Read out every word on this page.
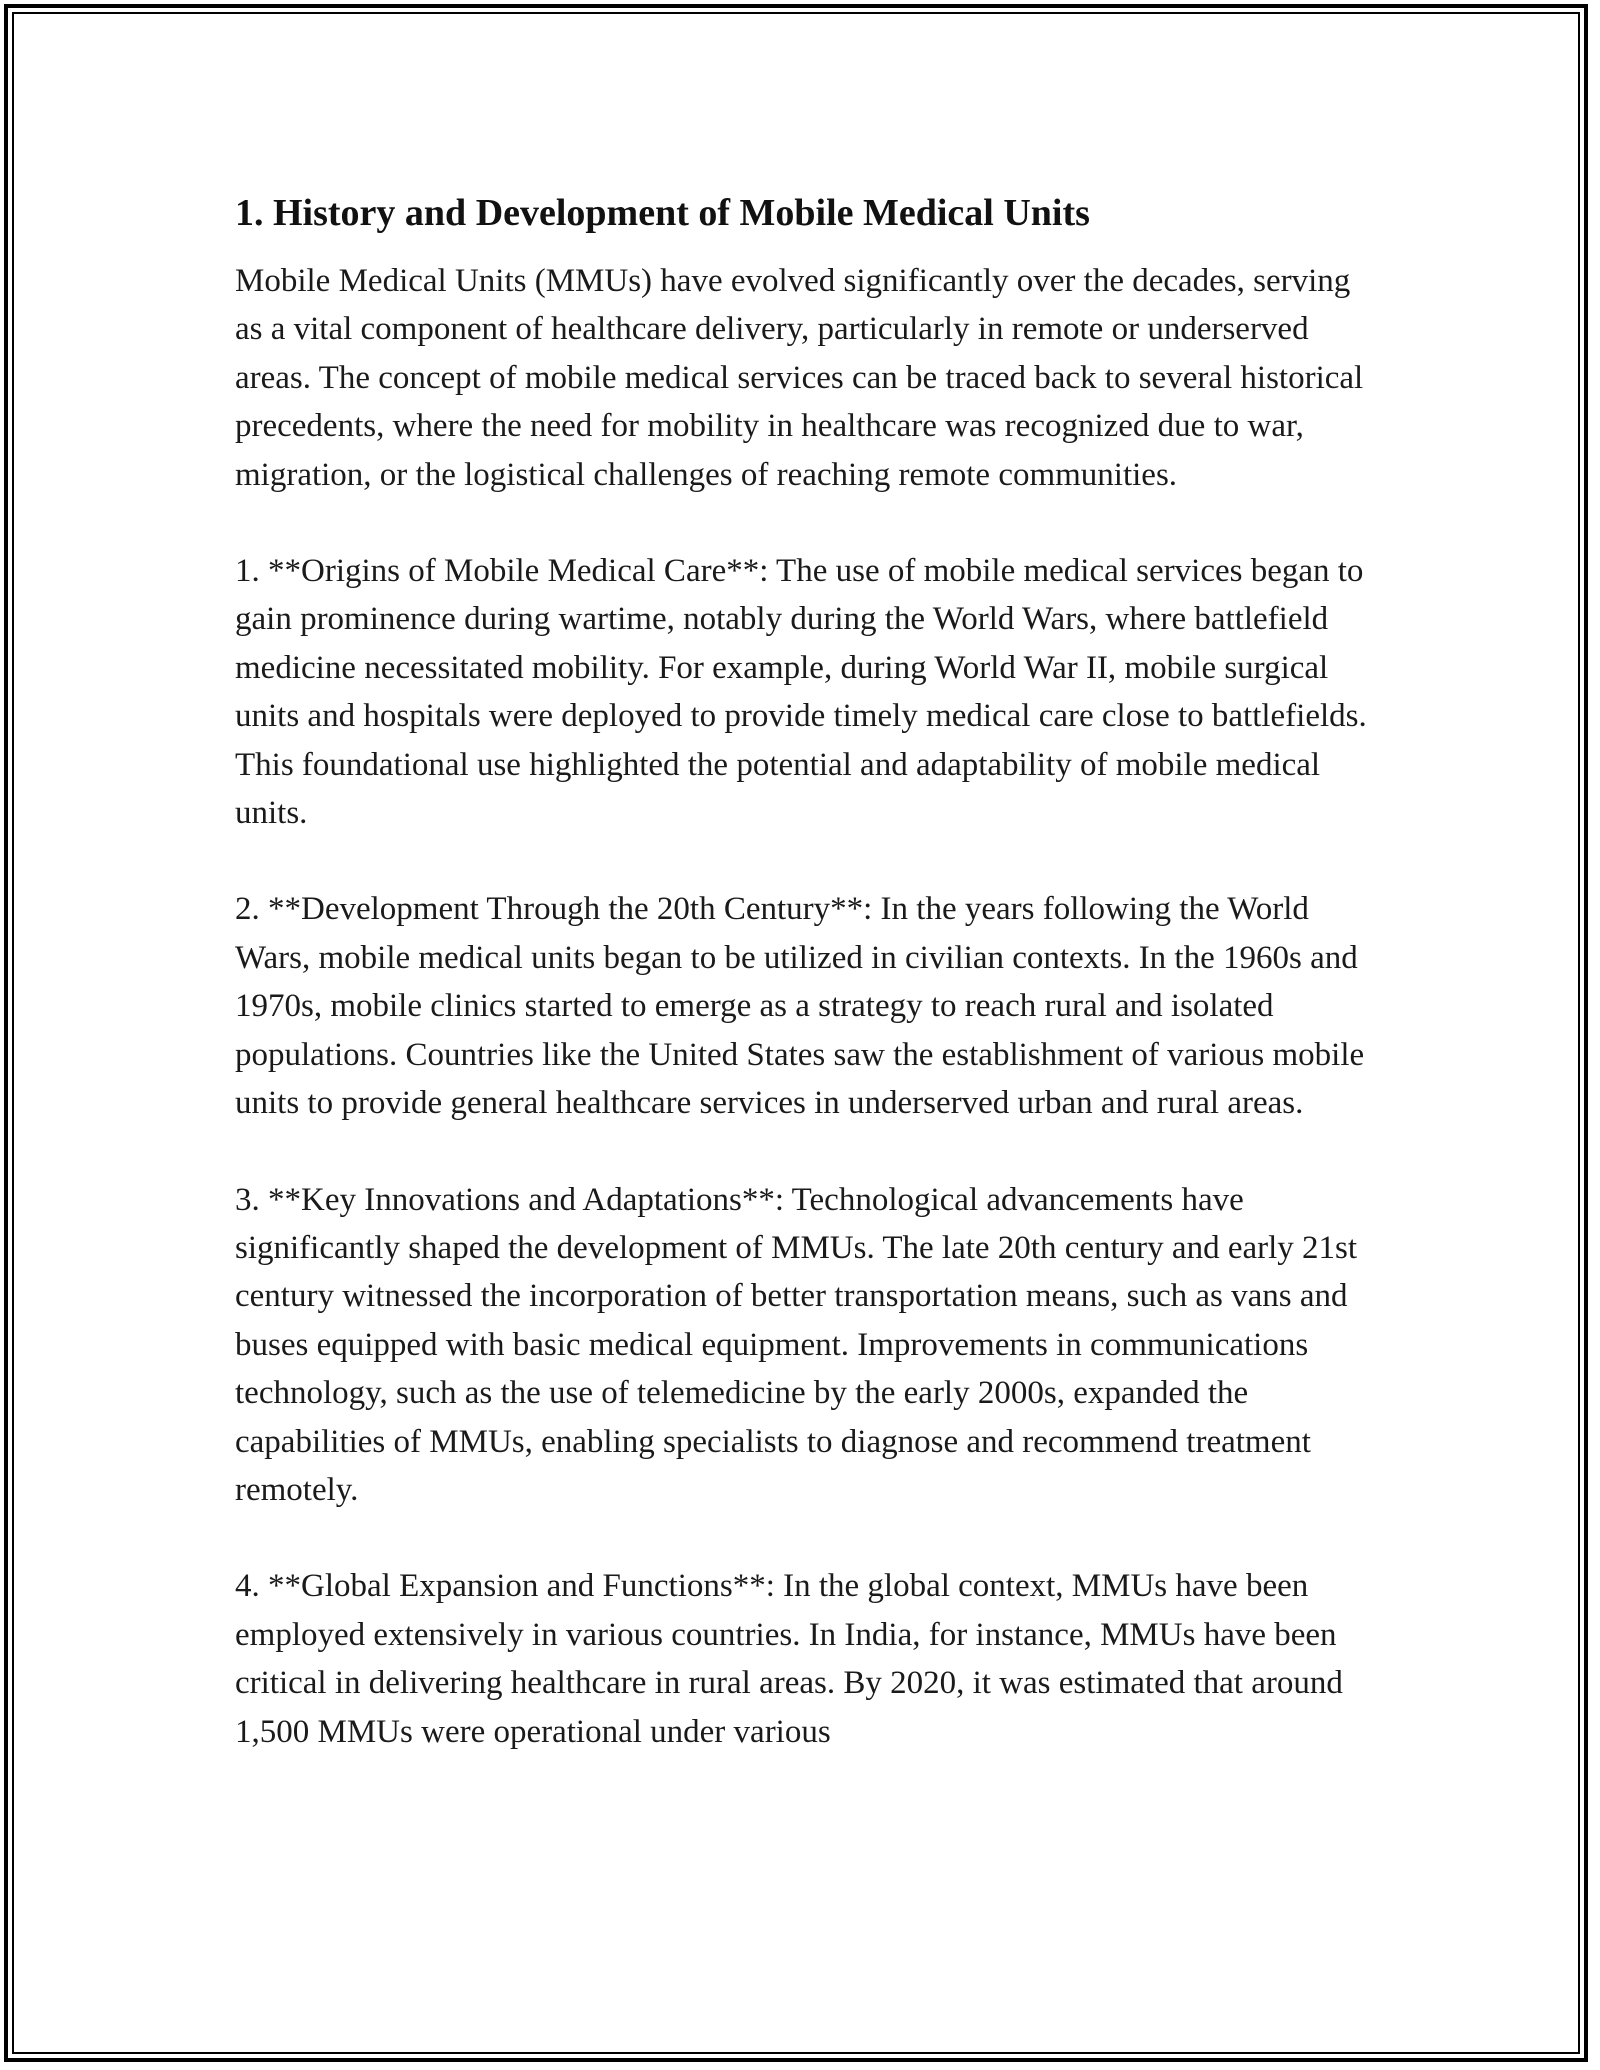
1. History and Development of Mobile Medical Units

Mobile Medical Units (MMUs) have evolved significantly over the decades, serving as a vital component of healthcare delivery, particularly in remote or underserved areas. The concept of mobile medical services can be traced back to several historical precedents, where the need for mobility in healthcare was recognized due to war, migration, or the logistical challenges of reaching remote communities.

1. **Origins of Mobile Medical Care**: The use of mobile medical services began to gain prominence during wartime, notably during the World Wars, where battlefield medicine necessitated mobility. For example, during World War II, mobile surgical units and hospitals were deployed to provide timely medical care close to battlefields. This foundational use highlighted the potential and adaptability of mobile medical units.

2. **Development Through the 20th Century**: In the years following the World Wars, mobile medical units began to be utilized in civilian contexts. In the 1960s and 1970s, mobile clinics started to emerge as a strategy to reach rural and isolated populations. Countries like the United States saw the establishment of various mobile units to provide general healthcare services in underserved urban and rural areas.

3. **Key Innovations and Adaptations**: Technological advancements have significantly shaped the development of MMUs. The late 20th century and early 21st century witnessed the incorporation of better transportation means, such as vans and buses equipped with basic medical equipment. Improvements in communications technology, such as the use of telemedicine by the early 2000s, expanded the capabilities of MMUs, enabling specialists to diagnose and recommend treatment remotely.

4. **Global Expansion and Functions**: In the global context, MMUs have been employed extensively in various countries. In India, for instance, MMUs have been critical in delivering healthcare in rural areas. By 2020, it was estimated that around 1,500 MMUs were operational under various
